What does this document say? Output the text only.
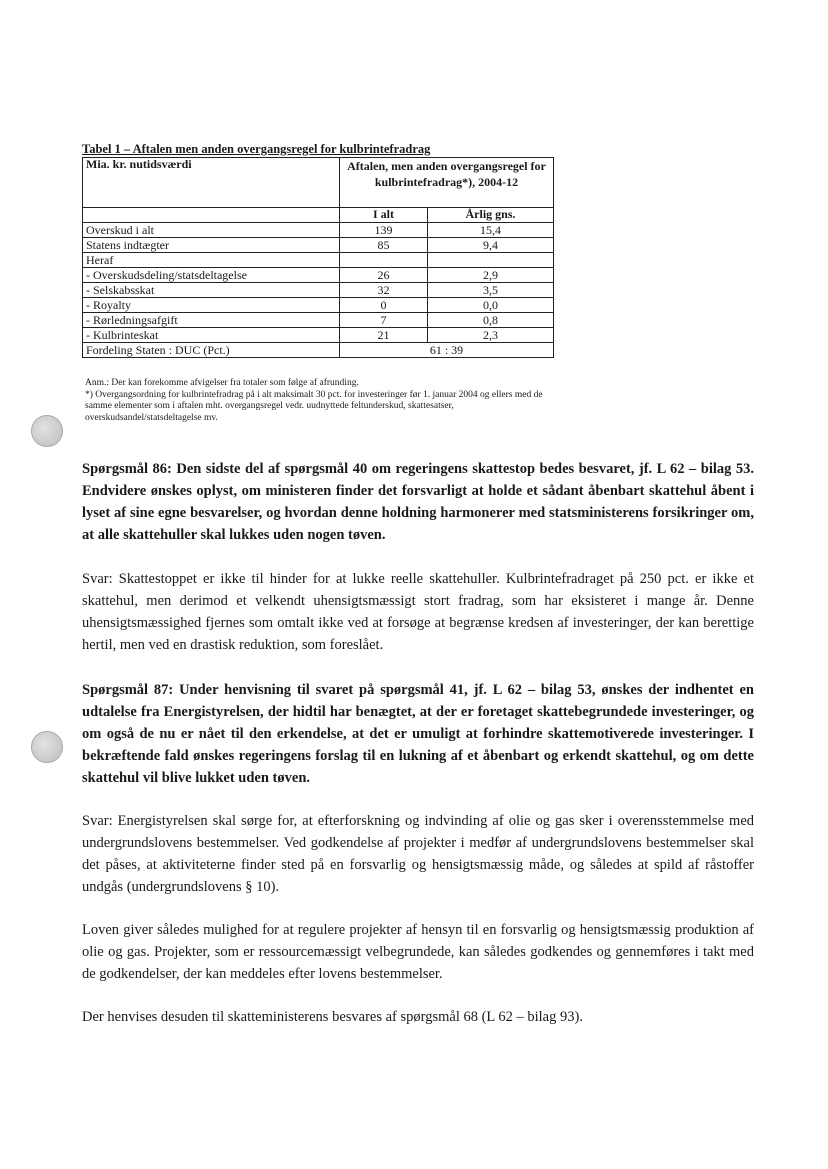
Tabel 1 – Aftalen men anden overgangsregel for kulbrintefradrag
Mia. kr. nutidsværdi	Aftalen, men anden overgangsregel for kulbrintefradrag*), 2004-12	
	I alt	Årlig gns.
Overskud i alt	139	15,4
Statens indtægter	85	9,4
Heraf		
- Overskudsdeling/statsdeltagelse	26	2,9
- Selskabsskat	32	3,5
- Royalty	0	0,0
- Rørledningsafgift	7	0,8
- Kulbrinteskat	21	2,3
Fordeling Staten : DUC (Pct.)	61 : 39	
Anm.: Der kan forekomme afvigelser fra totaler som følge af afrunding.
*) Overgangsordning for kulbrintefradrag på i alt maksimalt 30 pct. for investeringer før 1. januar 2004 og ellers med de samme elementer som i aftalen mht. overgangsregel vedr. uudnyttede feltunderskud, skattesatser, overskudsandel/statsdeltagelse mv.

Spørgsmål 86: Den sidste del af spørgsmål 40 om regeringens skattestop bedes besvaret, jf. L 62 – bilag 53. Endvidere ønskes oplyst, om ministeren finder det forsvarligt at holde et sådant åbenbart skattehul åbent i lyset af sine egne besvarelser, og hvordan denne holdning harmonerer med statsministerens forsikringer om, at alle skattehuller skal lukkes uden nogen tøven.

Svar: Skattestoppet er ikke til hinder for at lukke reelle skattehuller. Kulbrintefradraget på 250 pct. er ikke et skattehul, men derimod et velkendt uhensigtsmæssigt stort fradrag, som har eksisteret i mange år. Denne uhensigtsmæssighed fjernes som omtalt ikke ved at forsøge at begrænse kredsen af investeringer, der kan berettige hertil, men ved en drastisk reduktion, som foreslået.

Spørgsmål 87: Under henvisning til svaret på spørgsmål 41, jf. L 62 – bilag 53, ønskes der indhentet en udtalelse fra Energistyrelsen, der hidtil har benægtet, at der er foretaget skattebegrundede investeringer, og om også de nu er nået til den erkendelse, at det er umuligt at forhindre skattemotiverede investeringer. I bekræftende fald ønskes regeringens forslag til en lukning af et åbenbart og erkendt skattehul, og om dette skattehul vil blive lukket uden tøven.

Svar: Energistyrelsen skal sørge for, at efterforskning og indvinding af olie og gas sker i overensstemmelse med undergrundslovens bestemmelser. Ved godkendelse af projekter i medfør af undergrundslovens bestemmelser skal det påses, at aktiviteterne finder sted på en forsvarlig og hensigtsmæssig måde, og således at spild af råstoffer undgås (undergrundslovens § 10).

Loven giver således mulighed for at regulere projekter af hensyn til en forsvarlig og hensigtsmæssig produktion af olie og gas. Projekter, som er ressourcemæssigt velbegrundede, kan således godkendes og gennemføres i takt med de godkendelser, der kan meddeles efter lovens bestemmelser.

Der henvises desuden til skatteministerens besvares af spørgsmål 68 (L 62 – bilag 93).
